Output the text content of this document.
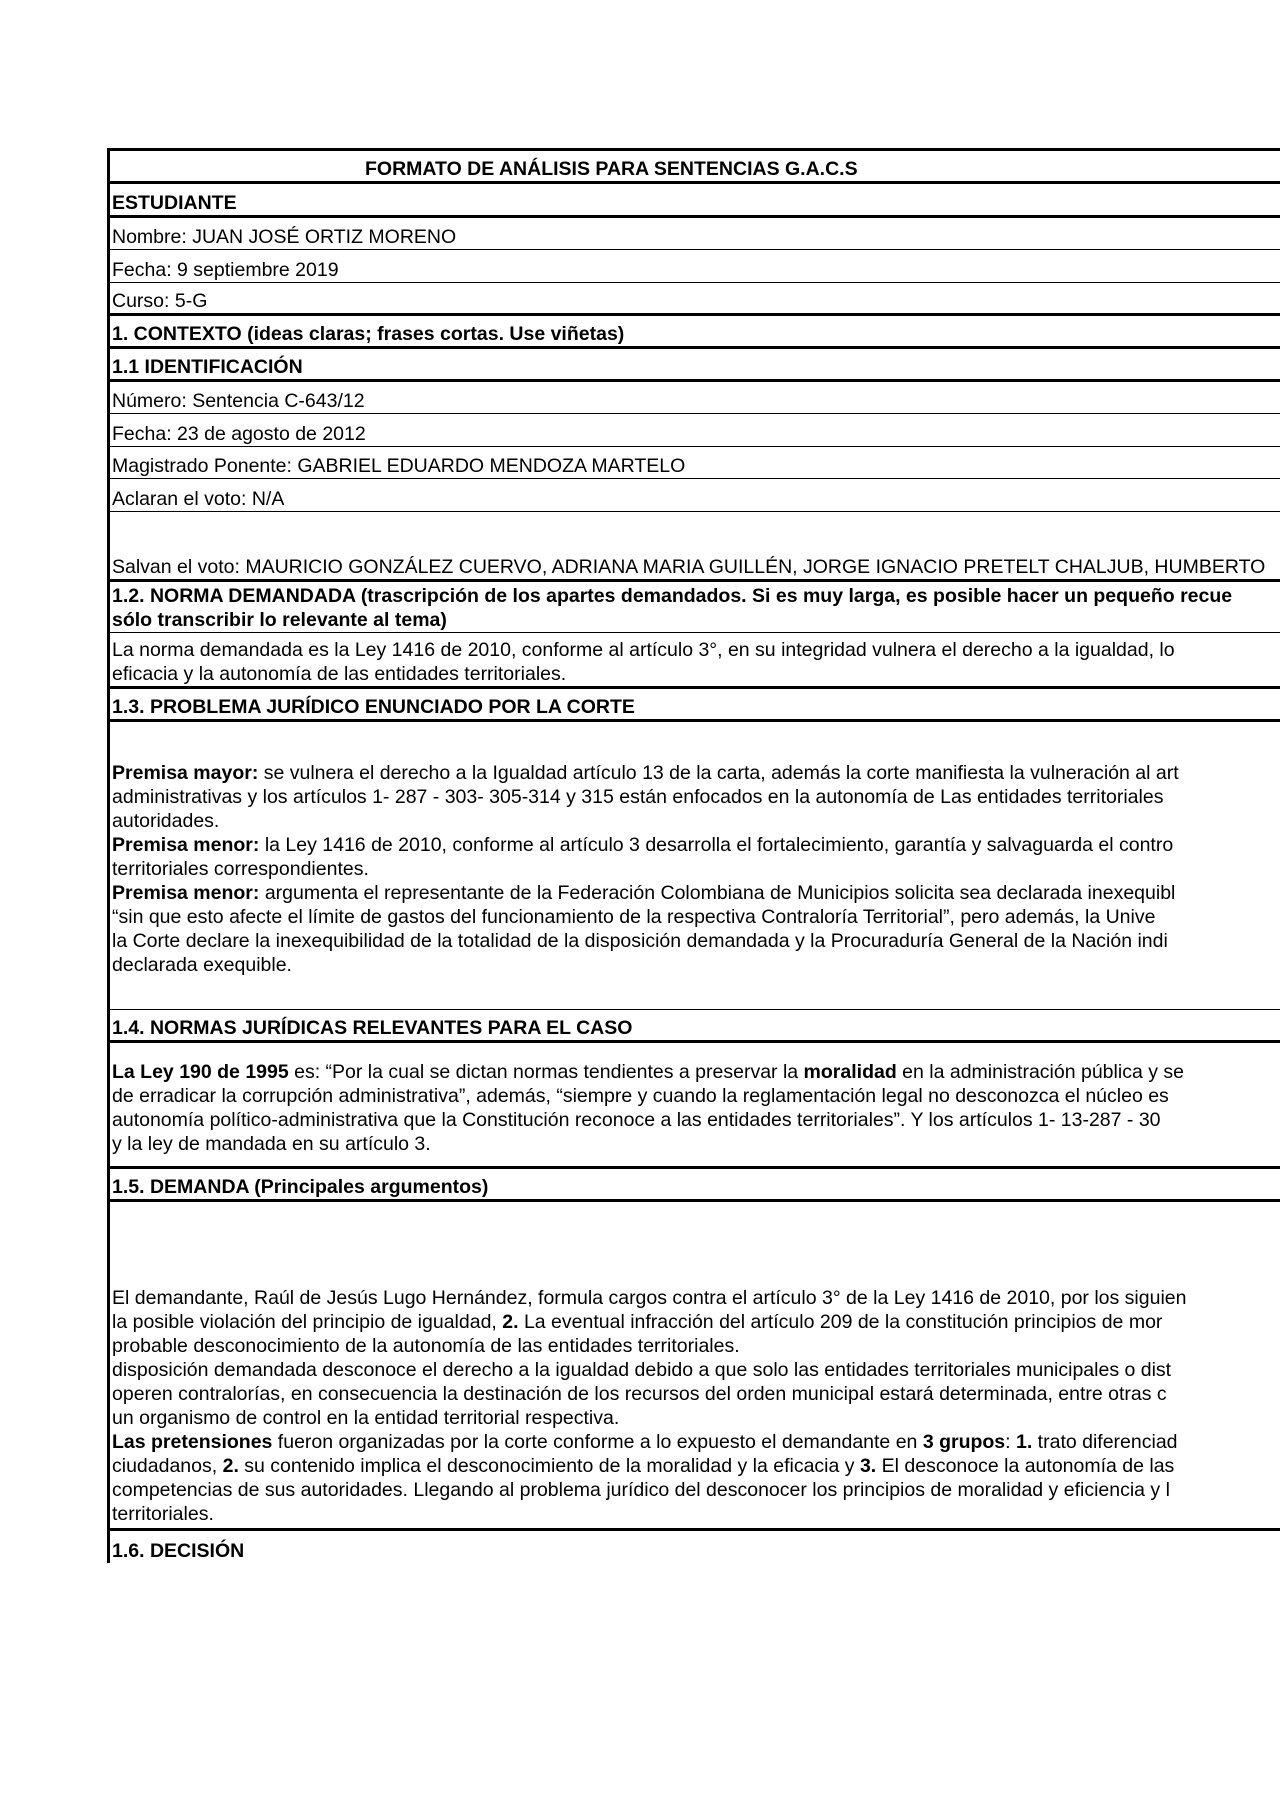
FORMATO DE ANÁLISIS PARA SENTENCIAS G.A.C.S
ESTUDIANTE
Nombre: JUAN JOSÉ ORTIZ MORENO
Fecha: 9 septiembre 2019
Curso: 5-G
1. CONTEXTO (ideas claras; frases cortas. Use viñetas)
1.1 IDENTIFICACIÓN
Número: Sentencia C-643/12
Fecha: 23 de agosto de 2012
Magistrado Ponente: GABRIEL EDUARDO MENDOZA MARTELO
Aclaran el voto: N/A
Salvan el voto: MAURICIO GONZÁLEZ CUERVO, ADRIANA MARIA GUILLÉN, JORGE IGNACIO PRETELT CHALJUB, HUMBERTO
1.2. NORMA DEMANDADA (trascripción de los apartes demandados. Si es muy larga, es posible hacer un pequeño recue
sólo transcribir lo relevante al tema)
La norma demandada es la Ley 1416 de 2010, conforme al artículo 3°, en su integridad vulnera el derecho a la igualdad, lo
eficacia y la autonomía de las entidades territoriales.
1.3. PROBLEMA JURÍDICO ENUNCIADO POR LA CORTE
Premisa mayor: se vulnera el derecho a la Igualdad artículo 13 de la carta, además la corte manifiesta la vulneración al art
administrativas y los artículos 1- 287 - 303- 305-314 y 315 están enfocados en la autonomía de Las entidades territoriales
autoridades.
Premisa menor: la Ley 1416 de 2010, conforme al artículo 3 desarrolla el fortalecimiento, garantía y salvaguarda el contro
territoriales correspondientes.
Premisa menor: argumenta el representante de la Federación Colombiana de Municipios solicita sea declarada inexequibl
“sin que esto afecte el límite de gastos del funcionamiento de la respectiva Contraloría Territorial”, pero además, la Unive
la Corte declare la inexequibilidad de la totalidad de la disposición demandada y la Procuraduría General de la Nación indi
declarada exequible.
1.4. NORMAS JURÍDICAS RELEVANTES PARA EL CASO
La Ley 190 de 1995 es: “Por la cual se dictan normas tendientes a preservar la moralidad en la administración pública y se
de erradicar la corrupción administrativa”, además, “siempre y cuando la reglamentación legal no desconozca el núcleo es
autonomía político-administrativa que la Constitución reconoce a las entidades territoriales”. Y los artículos 1- 13-287 - 30
y la ley de mandada en su artículo 3.
1.5. DEMANDA (Principales argumentos)
El demandante, Raúl de Jesús Lugo Hernández, formula cargos contra el artículo 3° de la Ley 1416 de 2010, por los siguien
la posible violación del principio de igualdad, 2. La eventual infracción del artículo 209 de la constitución principios de mor
probable desconocimiento de la autonomía de las entidades territoriales.
disposición demandada desconoce el derecho a la igualdad debido a que solo las entidades territoriales municipales o dist
operen contralorías, en consecuencia la destinación de los recursos del orden municipal estará determinada, entre otras c
un organismo de control en la entidad territorial respectiva.
Las pretensiones fueron organizadas por la corte conforme a lo expuesto el demandante en 3 grupos: 1. trato diferenciad
ciudadanos, 2. su contenido implica el desconocimiento de la moralidad y la eficacia y 3. El desconoce la autonomía de las
competencias de sus autoridades. Llegando al problema jurídico del desconocer los principios de moralidad y eficiencia y l
territoriales.
1.6. DECISIÓN
